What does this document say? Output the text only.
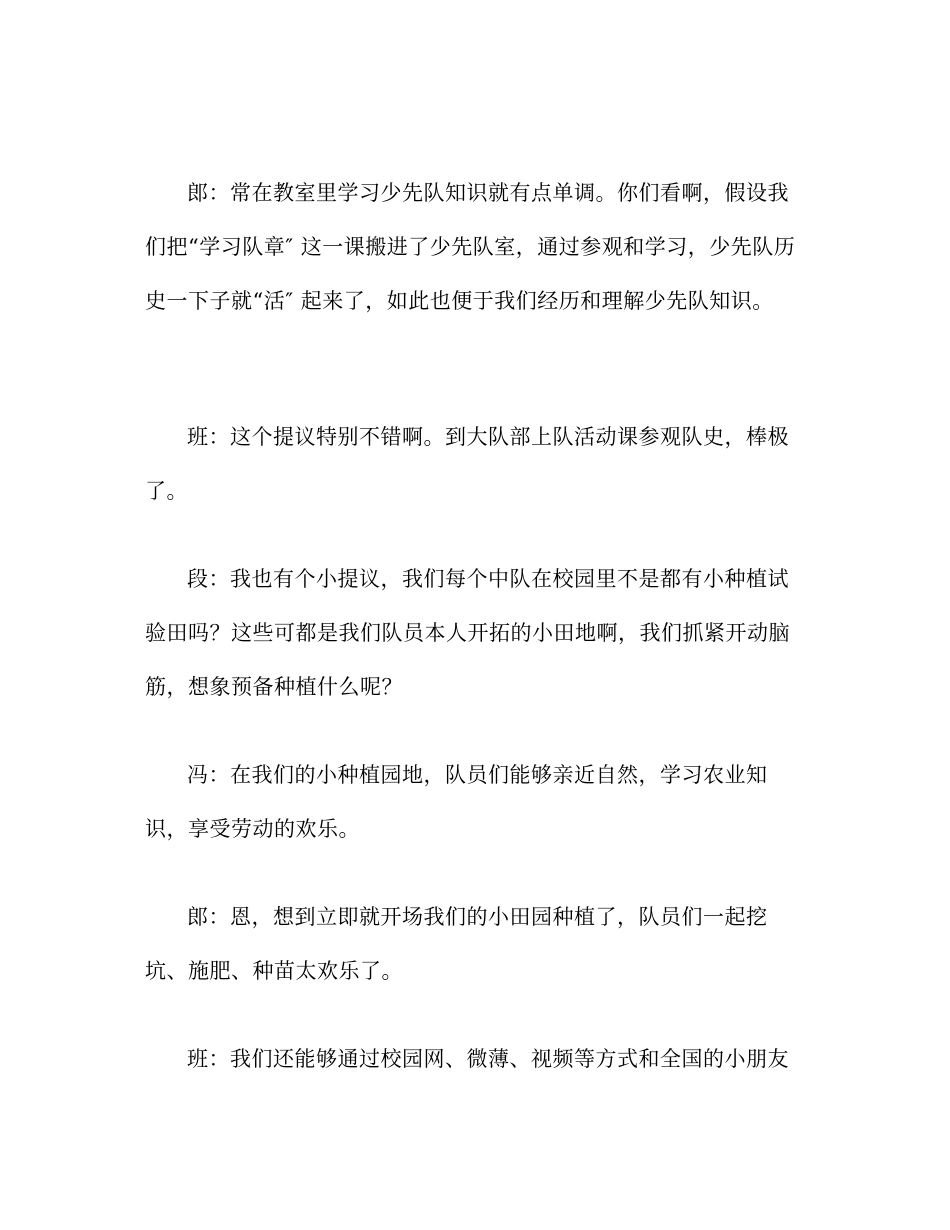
郎：常在教室里学习少先队知识就有点单调。你们看啊，假设我们把“学习队章″ 这一课搬进了少先队室，通过参观和学习，少先队历史一下子就“活″ 起来了，如此也便于我们经历和理解少先队知识。

班：这个提议特别不错啊。到大队部上队活动课参观队史，棒极了。

段：我也有个小提议，我们每个中队在校园里不是都有小种植试验田吗？这些可都是我们队员本人开拓的小田地啊，我们抓紧开动脑筋，想象预备种植什么呢？

冯：在我们的小种植园地，队员们能够亲近自然，学习农业知识，享受劳动的欢乐。

郎：恩，想到立即就开场我们的小田园种植了，队员们一起挖坑、施肥、种苗太欢乐了。

班：我们还能够通过校园网、微薄、视频等方式和全国的小朋友
